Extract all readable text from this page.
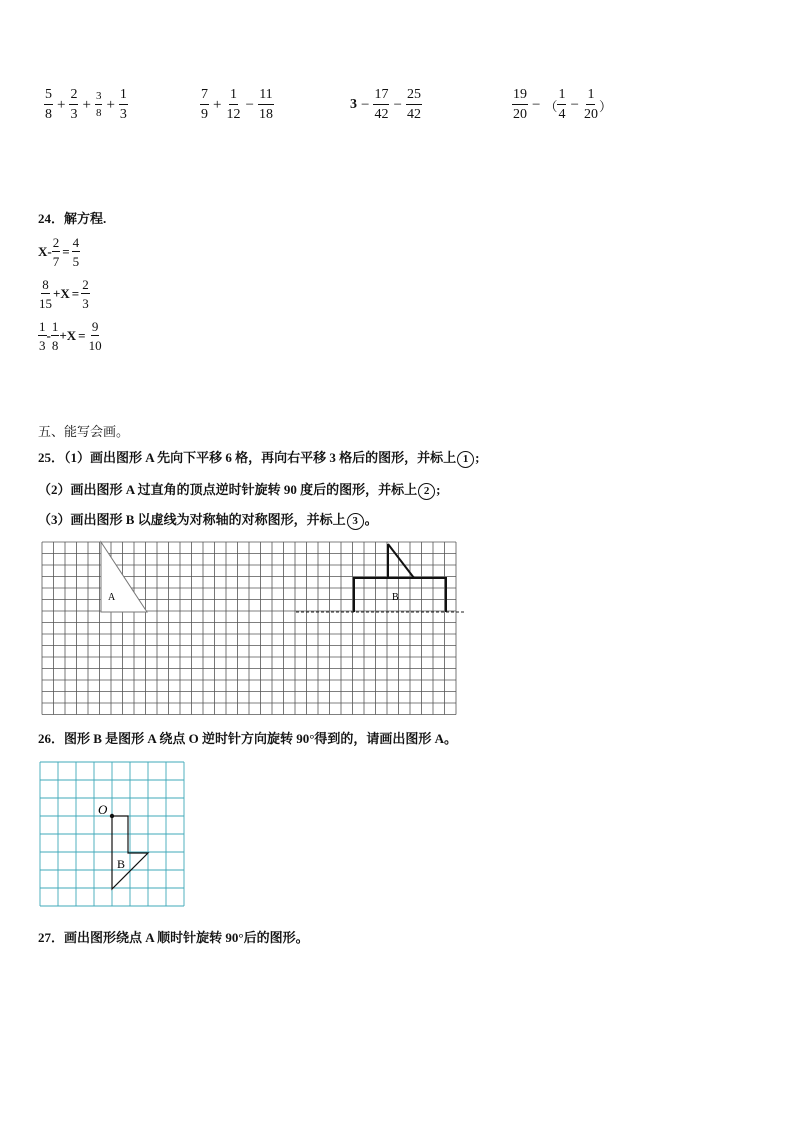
$\frac{5}{8} + \frac{2}{3} + \frac{3}{8} + \frac{1}{3}$	$\frac{7}{9} + \frac{1}{12} - \frac{11}{18}$	$3 - \frac{17}{42} - \frac{25}{42}$	$\frac{19}{20}$ − （ $\frac{1}{4} - \frac{1}{20}$ ）
24．解方程.
$X- \frac{2}{7} = \frac{4}{5}$
$\frac{8}{15} +X = \frac{2}{3}$
$\frac{1}{3} - \frac{1}{8} +X = \frac{9}{10}$
五、能写会画。
25．（1）画出图形 A 先向下平移 6 格，再向右平移 3 格后的图形，并标上 1 ;
（2）画出图形 A 过直角的顶点逆时针旋转 90 度后的图形，并标上 2 ;
（3）画出图形 B 以虚线为对称轴的对称图形，并标上 3 。
A	B
26．图形 B 是图形 A 绕点 O 逆时针方向旋转 90°得到的，请画出图形 A。
O
B
27．画出图形绕点 A 顺时针旋转 90°后的图形。
